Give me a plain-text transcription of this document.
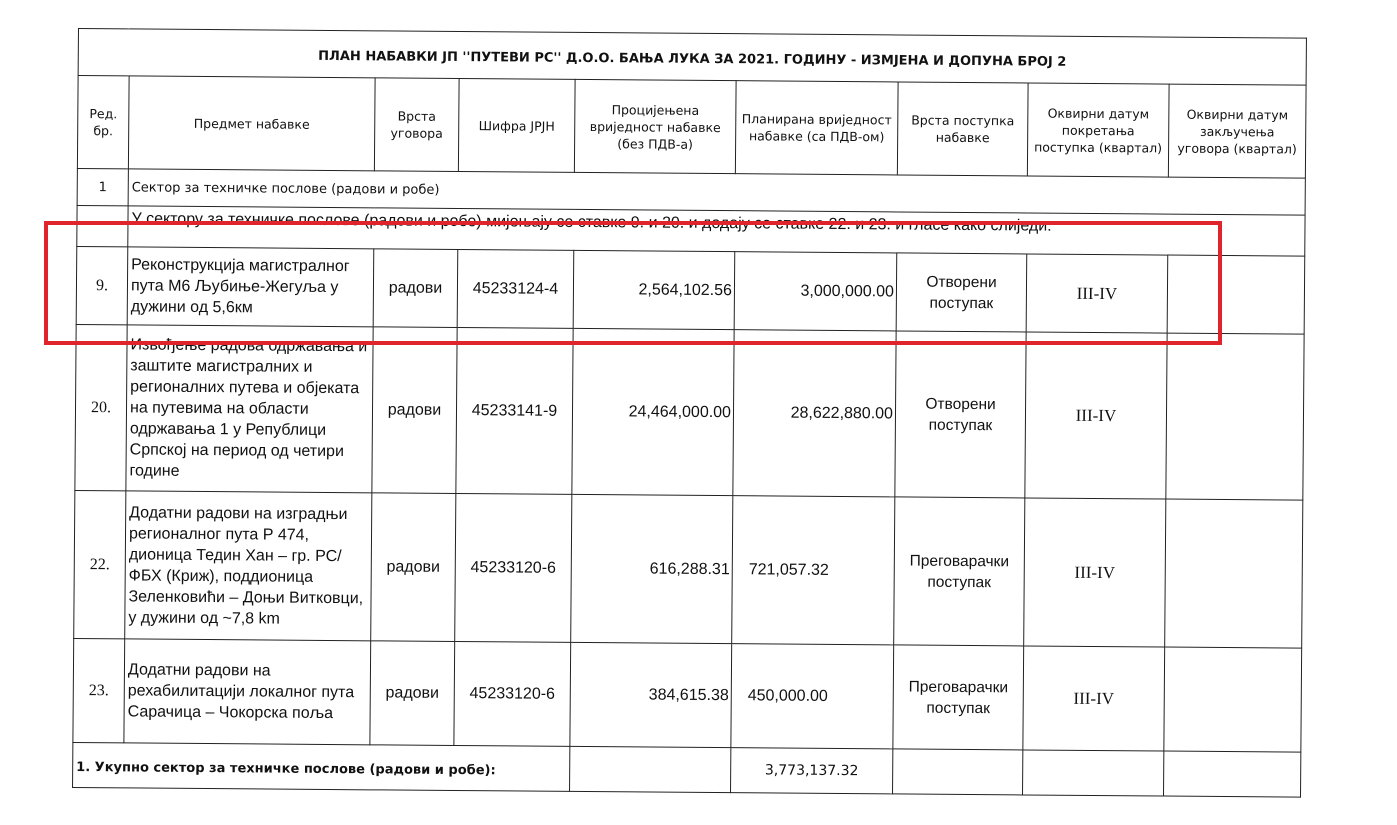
ПЛАН НАБАВКИ ЈП ''ПУТЕВИ РС'' Д.О.О. БАЊА ЛУКА ЗА 2021. ГОДИНУ - ИЗМЈЕНА И ДОПУНА БРОЈ 2								
Ред. бр.	Предмет набавке	Врста уговора	Шифра ЈРЈН	Процијењена вриједност набавке (без ПДВ-а)	Планирана вриједност набавке (са ПДВ-ом)	Врста поступка набавке	Оквирни датум покретања поступка (квартал)	Оквирни датум закључења уговора (квартал)
1	Сектор за техничке послове (радови и робе)							
	У сектору за техничке послове (радови и робе) мијењају се ставке 9. и 20. и додају се ставке 22. и 23. и гласе како слиједи:							
9.	Реконструкција магистралног пута М6 Љубиње-Жегуља у дужини од 5,6км	радови	45233124-4	2,564,102.56	3,000,000.00	Отворени поступак	III-IV	
20.	Извођење радова одржавања и заштите магистралних и регионалних путева и објеката на путевима на области одржавања 1 у Републици Српској на период од четири године	радови	45233141-9	24,464,000.00	28,622,880.00	Отворени поступак	III-IV	
22.	Додатни радови на изградњи регионалног пута Р 474, дионица Тедин Хан – гр. РС/ФБХ (Криж), поддионица Зеленковићи – Доњи Витковци, у дужини од ~7,8 km	радови	45233120-6	616,288.31	721,057.32	Преговарачки поступак	III-IV	
23.	Додатни радови на рехабилитацији локалног пута Сарачица – Чокорска поља	радови	45233120-6	384,615.38	450,000.00	Преговарачки поступак	III-IV	
1. Укупно сектор за техничке послове (радови и робе):					3,773,137.32			
